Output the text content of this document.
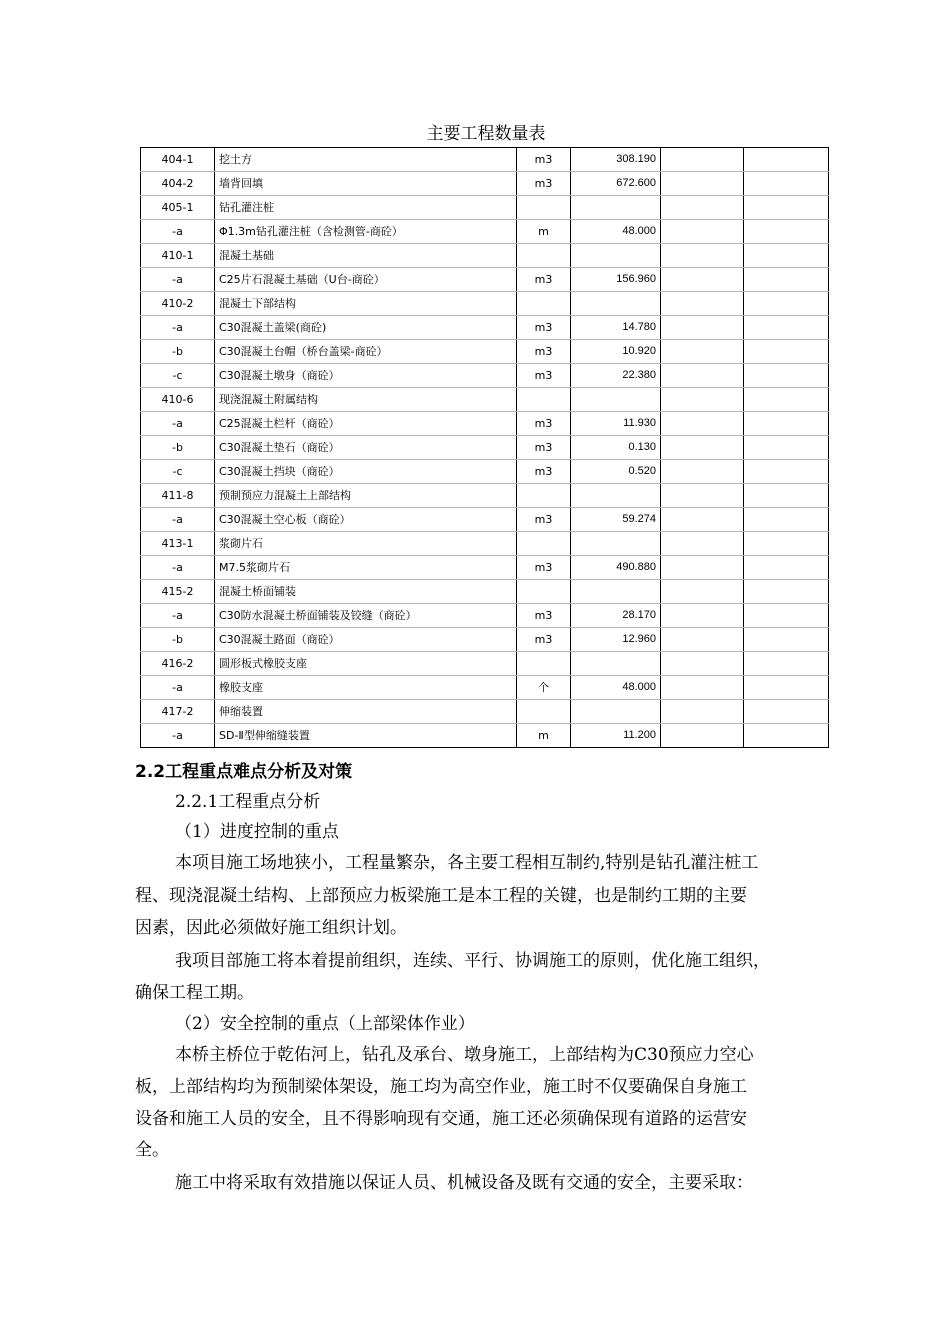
主要工程数量表
404-1	挖土方	m3	308.190		
404-2	墙背回填	m3	672.600		
405-1	钻孔灌注桩				
-a	Φ1.3m钻孔灌注桩（含检测管-商砼）	m	48.000		
410-1	混凝土基础				
-a	C25片石混凝土基础（U台-商砼）	m3	156.960		
410-2	混凝土下部结构				
-a	C30混凝土盖梁(商砼)	m3	14.780		
-b	C30混凝土台帽（桥台盖梁-商砼）	m3	10.920		
-c	C30混凝土墩身（商砼）	m3	22.380		
410-6	现浇混凝土附属结构				
-a	C25混凝土栏杆（商砼）	m3	11.930		
-b	C30混凝土垫石（商砼）	m3	0.130		
-c	C30混凝土挡块（商砼）	m3	0.520		
411-8	预制预应力混凝土上部结构				
-a	C30混凝土空心板（商砼）	m3	59.274		
413-1	浆砌片石				
-a	M7.5浆砌片石	m3	490.880		
415-2	混凝土桥面铺装				
-a	C30防水混凝土桥面铺装及铰缝（商砼）	m3	28.170		
-b	C30混凝土路面（商砼）	m3	12.960		
416-2	圆形板式橡胶支座				
-a	橡胶支座	个	48.000		
417-2	伸缩装置				
-a	SD-Ⅱ型伸缩缝装置	m	11.200		
2.2工程重点难点分析及对策
2.2.1工程重点分析
（1）进度控制的重点
本项目施工场地狭小，工程量繁杂，各主要工程相互制约,特别是钻孔灌注桩工
程、现浇混凝土结构、上部预应力板梁施工是本工程的关键，也是制约工期的主要
因素，因此必须做好施工组织计划。
我项目部施工将本着提前组织，连续、平行、协调施工的原则，优化施工组织，
确保工程工期。
（2）安全控制的重点（上部梁体作业）
本桥主桥位于乾佑河上，钻孔及承台、墩身施工，上部结构为C30预应力空心
板，上部结构均为预制梁体架设，施工均为高空作业，施工时不仅要确保自身施工
设备和施工人员的安全，且不得影响现有交通，施工还必须确保现有道路的运营安
全。
施工中将采取有效措施以保证人员、机械设备及既有交通的安全，主要采取：
